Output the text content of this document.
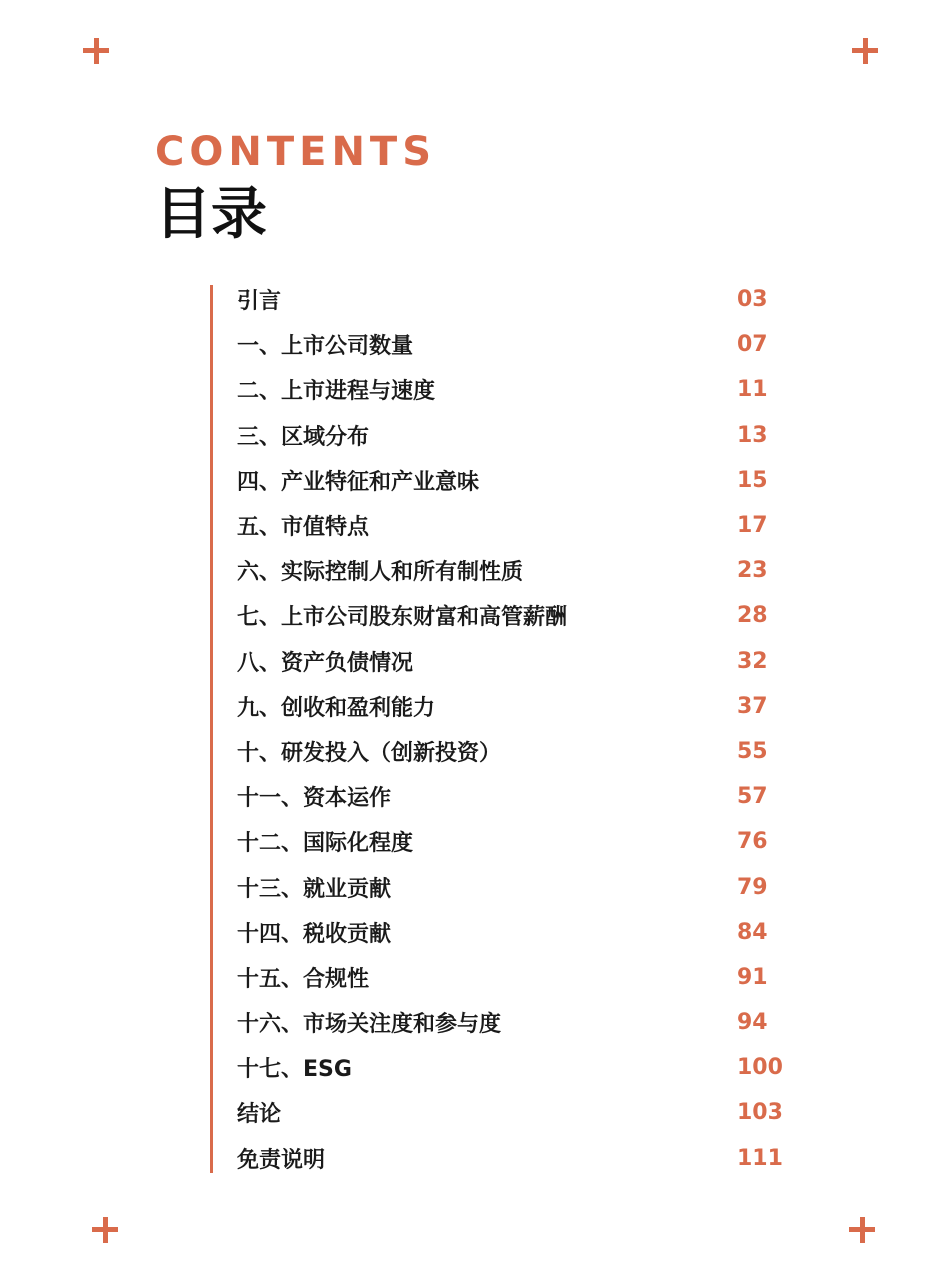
CONTENTS
目录
引言	03
一、上市公司数量	07
二、上市进程与速度	11
三、区域分布	13
四、产业特征和产业意味	15
五、市值特点	17
六、实际控制人和所有制性质	23
七、上市公司股东财富和高管薪酬	28
八、资产负债情况	32
九、创收和盈利能力	37
十、研发投入（创新投资）	55
十一、资本运作	57
十二、国际化程度	76
十三、就业贡献	79
十四、税收贡献	84
十五、合规性	91
十六、市场关注度和参与度	94
十七、ESG	100
结论	103
免责说明	111
